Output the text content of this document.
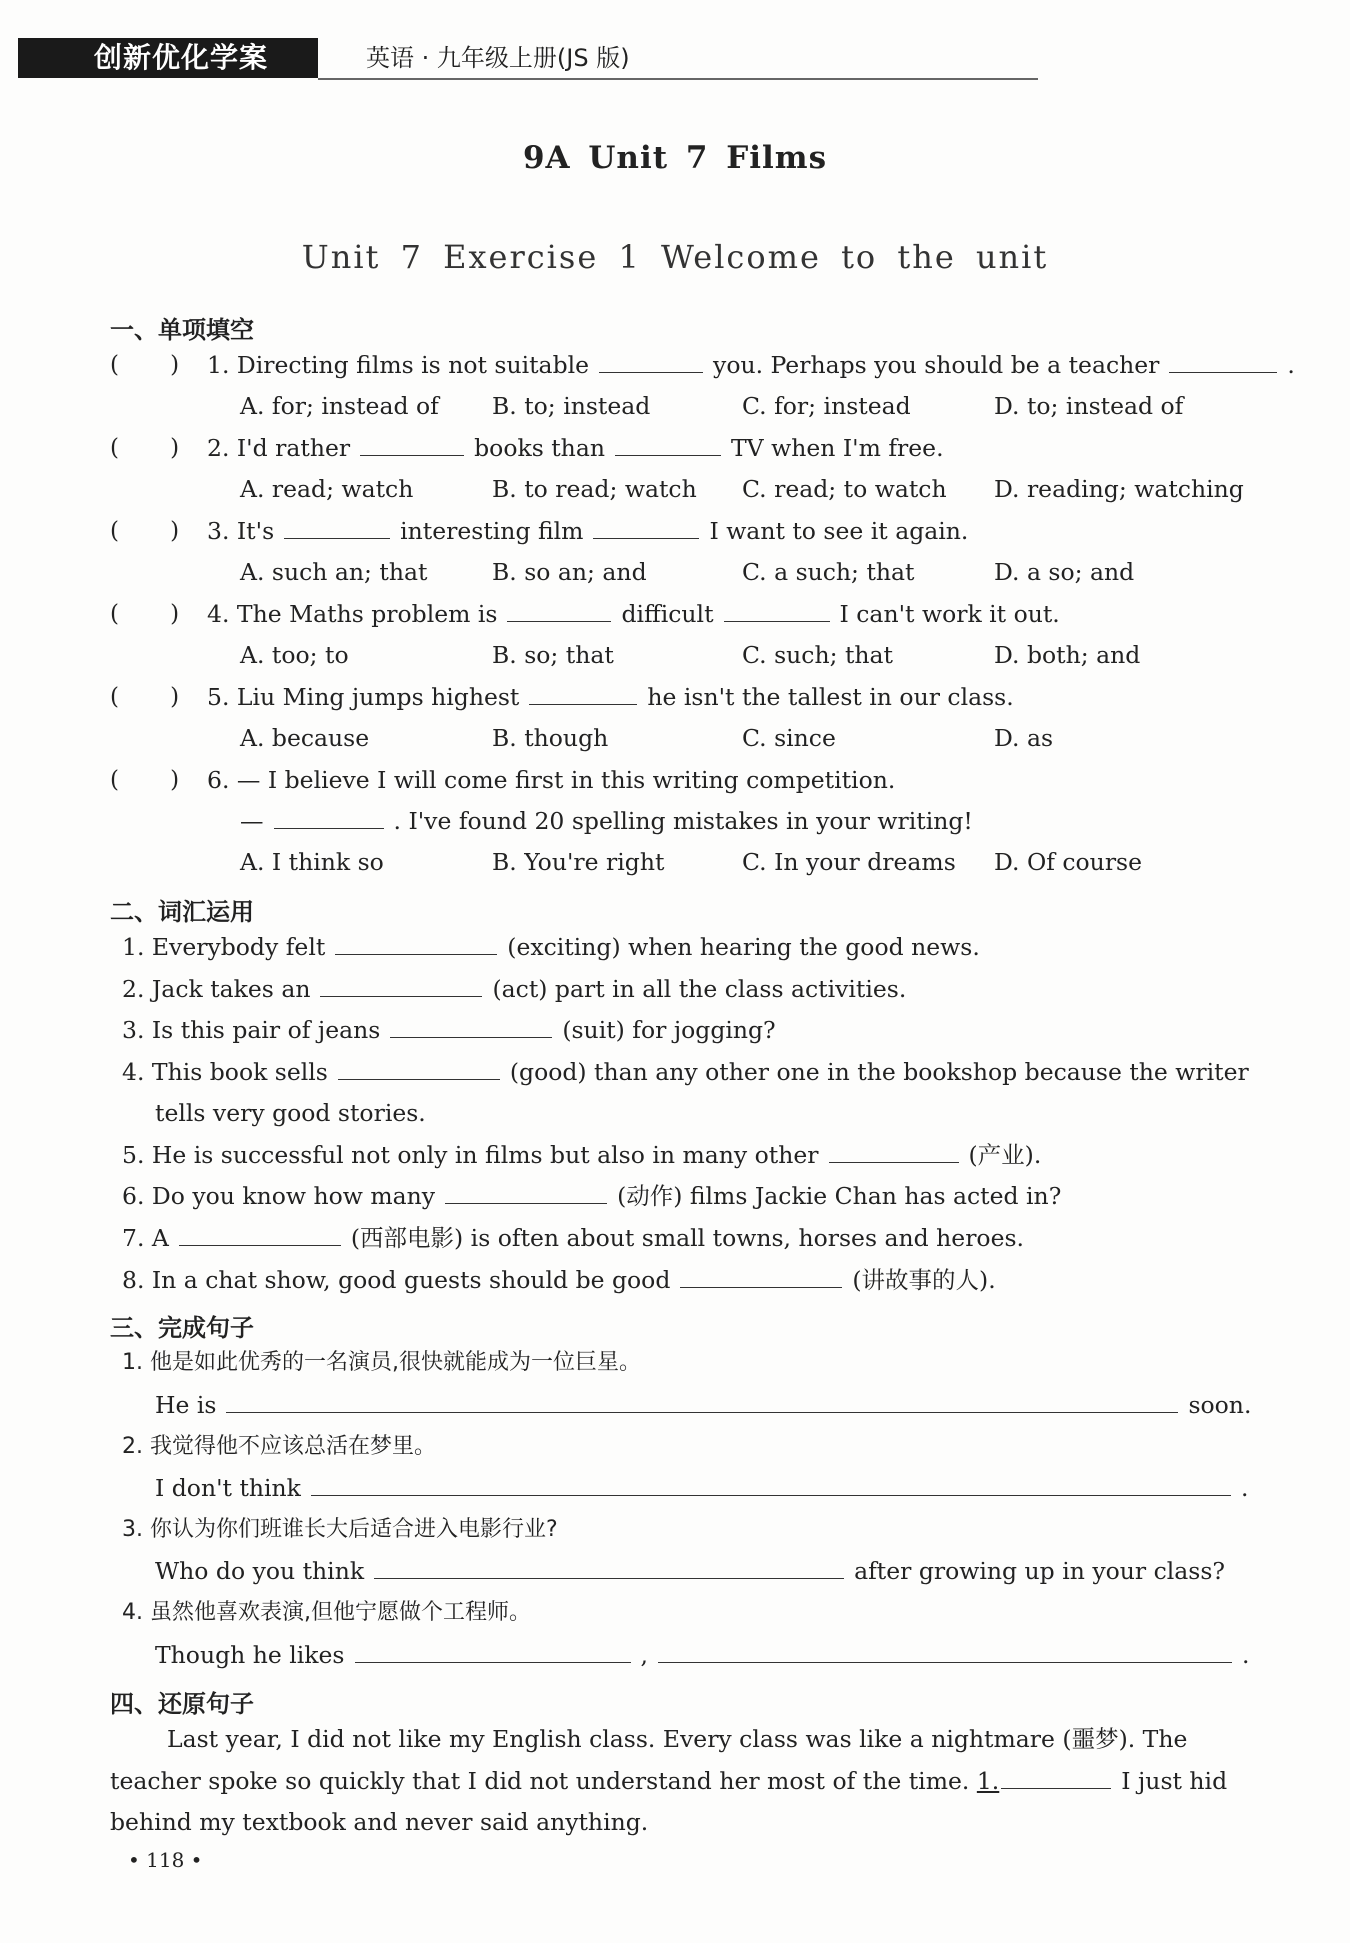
创新优化学案	英语 · 九年级上册(JS 版)
9A Unit 7 Films
Unit 7 Exercise 1 Welcome to the unit
一、单项填空
(       ) 1. Directing films is not suitable	you. Perhaps you should be a teacher	.
A. for; instead of B. to; instead	C. for; instead	D. to; instead of
(       ) 2. I'd rather	books than	TV when I'm free.
A. read; watch	B. to read; watch C. read; to watch D. reading; watching
(       ) 3. It's	interesting film	I want to see it again.
A. such an; that	B. so an; and	C. a such; that	D. a so; and
(       ) 4. The Maths problem is	difficult	I can't work it out.
A. too; to	B. so; that	C. such; that	D. both; and
(       ) 5. Liu Ming jumps highest	he isn't the tallest in our class.
A. because	B. though	C. since	D. as
(       ) 6. — I believe I will come first in this writing competition.
—	. I've found 20 spelling mistakes in your writing!
A. I think so	B. You're right	C. In your dreams D. Of course
二、词汇运用
1. Everybody felt	(exciting) when hearing the good news.
2. Jack takes an	(act) part in all the class activities.
3. Is this pair of jeans	(suit) for jogging?
4. This book sells	(good) than any other one in the bookshop because the writer
tells very good stories.
5. He is successful not only in films but also in many other	(产业).
6. Do you know how many	(动作) films Jackie Chan has acted in?
7. A	(西部电影) is often about small towns, horses and heroes.
8. In a chat show, good guests should be good	(讲故事的人).
三、完成句子
1. 他是如此优秀的一名演员,很快就能成为一位巨星。
He is	soon.
2. 我觉得他不应该总活在梦里。
I don't think	.
3. 你认为你们班谁长大后适合进入电影行业?
Who do you think	after growing up in your class?
4. 虽然他喜欢表演,但他宁愿做个工程师。
Though he likes	,	.
四、还原句子
Last year, I did not like my English class. Every class was like a nightmare (噩梦). The
teacher spoke so quickly that I did not understand her most of the time. 1.	I just hid
behind my textbook and never said anything.
• 118 •
